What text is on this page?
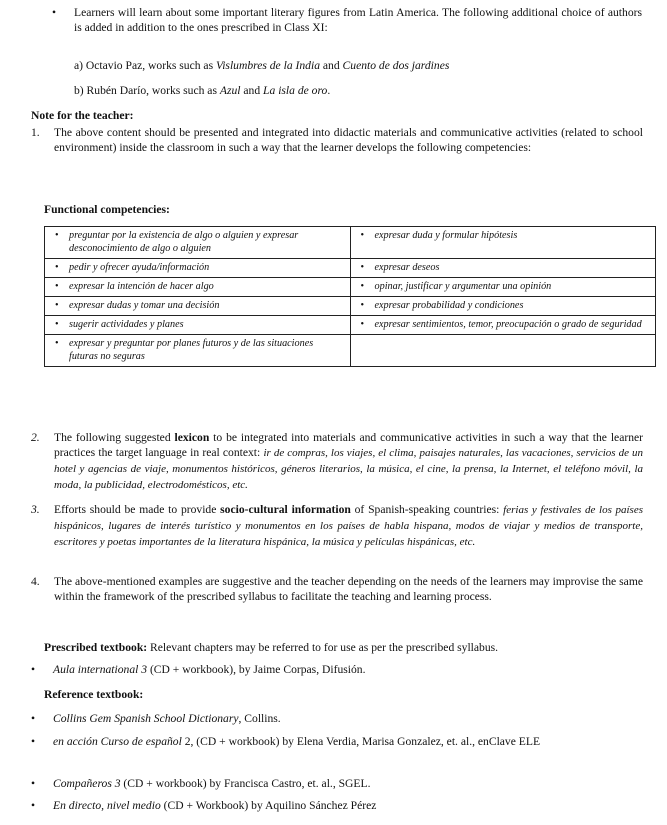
•	Learners will learn about some important literary figures from Latin America. The following additional choice of authors is added in addition to the ones prescribed in Class XI:
a) Octavio Paz, works such as Vislumbres de la India and Cuento de dos jardines
b) Rubén Darío, works such as Azul and La isla de oro.
Note for the teacher:
1.	The above content should be presented and integrated into didactic materials and communicative activities (related to school environment) inside the classroom in such a way that the learner develops the following competencies:
Functional competencies:
• preguntar por la existencia de algo o alguien y expresar desconocimiento de algo o alguien	• expresar duda y formular hipótesis

• pedir y ofrecer ayuda/información	• expresar deseos

• expresar la intención de hacer algo	• opinar, justificar y argumentar una opinión

• expresar dudas y tomar una decisión	• expresar probabilidad y condiciones

• sugerir actividades y planes	• expresar sentimientos, temor, preocupación o grado de seguridad

• expresar y preguntar por planes futuros y de las situaciones futuras no seguras	

2.	The following suggested lexicon to be integrated into materials and communicative activities in such a way that the learner practices the target language in real context: ir de compras, los viajes, el clima, paisajes naturales, las vacaciones, servicios de un hotel y agencias de viaje, monumentos históricos, géneros literarios, la música, el cine, la prensa, la Internet, el teléfono móvil, la moda, la publicidad, electrodomésticos, etc.
3.	Efforts should be made to provide socio-cultural information of Spanish-speaking countries: ferias y festivales de los países hispánicos, lugares de interés turístico y monumentos en los países de habla hispana, modos de viajar y medios de transporte, escritores y poetas importantes de la literatura hispánica, la música y películas hispánicas, etc.
4.	The above-mentioned examples are suggestive and the teacher depending on the needs of the learners may improvise the same within the framework of the prescribed syllabus to facilitate the teaching and learning process.
Prescribed textbook: Relevant chapters may be referred to for use as per the prescribed syllabus.
•	Aula international 3 (CD + workbook), by Jaime Corpas, Difusión.
Reference textbook:
•	Collins Gem Spanish School Dictionary, Collins.
•	en acción Curso de español 2, (CD + workbook) by Elena Verdia, Marisa Gonzalez, et. al., enClave ELE
•	Compañeros 3 (CD + workbook) by Francisca Castro, et. al., SGEL.
•	En directo, nivel medio (CD + Workbook) by Aquilino Sánchez Pérez
